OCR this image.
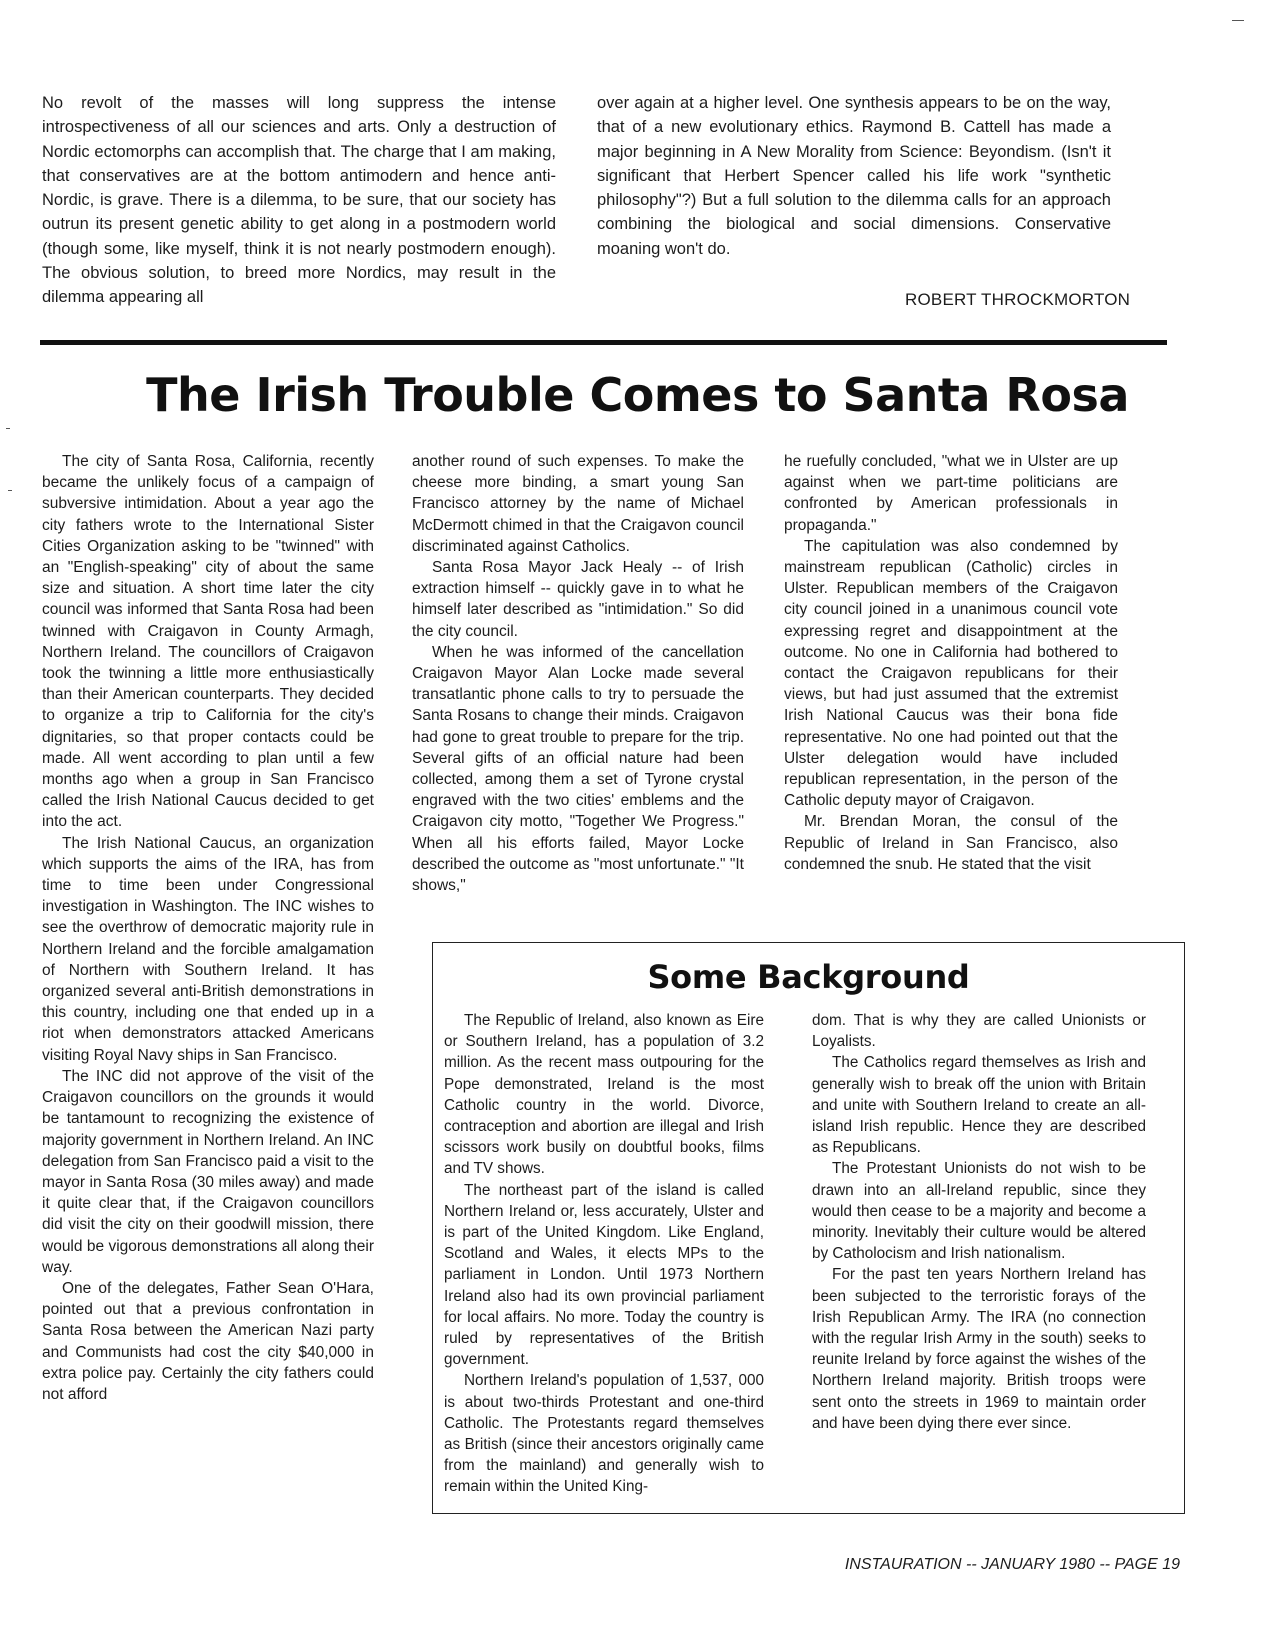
No revolt of the masses will long suppress the intense introspectiveness of all our sciences and arts. Only a destruction of Nordic ectomorphs can accomplish that. The charge that I am making, that conservatives are at the bottom antimodern and hence anti-Nordic, is grave. There is a dilemma, to be sure, that our society has outrun its present genetic ability to get along in a postmodern world (though some, like myself, think it is not nearly postmodern enough). The obvious solution, to breed more Nordics, may result in the dilemma appearing all

over again at a higher level. One synthesis appears to be on the way, that of a new evolutionary ethics. Raymond B. Cattell has made a major beginning in A New Morality from Science: Beyondism. (Isn't it significant that Herbert Spencer called his life work "synthetic philosophy"?) But a full solution to the dilemma calls for an approach combining the biological and social dimensions. Conservative moaning won't do.

ROBERT THROCKMORTON
The Irish Trouble Comes to Santa Rosa

The city of Santa Rosa, California, recently became the unlikely focus of a campaign of subversive intimidation. About a year ago the city fathers wrote to the International Sister Cities Organization asking to be "twinned" with an "English-speaking" city of about the same size and situation. A short time later the city council was informed that Santa Rosa had been twinned with Craigavon in County Armagh, Northern Ireland. The councillors of Craigavon took the twinning a little more enthusiastically than their American counterparts. They decided to organize a trip to California for the city's dignitaries, so that proper contacts could be made. All went according to plan until a few months ago when a group in San Francisco called the Irish National Caucus decided to get into the act.

The Irish National Caucus, an organization which supports the aims of the IRA, has from time to time been under Congressional investigation in Washington. The INC wishes to see the overthrow of democratic majority rule in Northern Ireland and the forcible amalgamation of Northern with Southern Ireland. It has organized several anti-British demonstrations in this country, including one that ended up in a riot when demonstrators attacked Americans visiting Royal Navy ships in San Francisco.

The INC did not approve of the visit of the Craigavon councillors on the grounds it would be tantamount to recognizing the existence of majority government in Northern Ireland. An INC delegation from San Francisco paid a visit to the mayor in Santa Rosa (30 miles away) and made it quite clear that, if the Craigavon councillors did visit the city on their goodwill mission, there would be vigorous demonstrations all along their way.

One of the delegates, Father Sean O'Hara, pointed out that a previous confrontation in Santa Rosa between the American Nazi party and Communists had cost the city $40,000 in extra police pay. Certainly the city fathers could not afford

another round of such expenses. To make the cheese more binding, a smart young San Francisco attorney by the name of Michael McDermott chimed in that the Craigavon council discriminated against Catholics.

Santa Rosa Mayor Jack Healy -- of Irish extraction himself -- quickly gave in to what he himself later described as "intimidation." So did the city council.

When he was informed of the cancellation Craigavon Mayor Alan Locke made several transatlantic phone calls to try to persuade the Santa Rosans to change their minds. Craigavon had gone to great trouble to prepare for the trip. Several gifts of an official nature had been collected, among them a set of Tyrone crystal engraved with the two cities' emblems and the Craigavon city motto, "Together We Progress." When all his efforts failed, Mayor Locke described the outcome as "most unfortunate." "It shows,"

he ruefully concluded, "what we in Ulster are up against when we part-time politicians are confronted by American professionals in propaganda."

The capitulation was also condemned by mainstream republican (Catholic) circles in Ulster. Republican members of the Craigavon city council joined in a unanimous council vote expressing regret and disappointment at the outcome. No one in California had bothered to contact the Craigavon republicans for their views, but had just assumed that the extremist Irish National Caucus was their bona fide representative. No one had pointed out that the Ulster delegation would have included republican representation, in the person of the Catholic deputy mayor of Craigavon.

Mr. Brendan Moran, the consul of the Republic of Ireland in San Francisco, also condemned the snub. He stated that the visit

Some Background

The Republic of Ireland, also known as Eire or Southern Ireland, has a population of 3.2 million. As the recent mass outpouring for the Pope demonstrated, Ireland is the most Catholic country in the world. Divorce, contraception and abortion are illegal and Irish scissors work busily on doubtful books, films and TV shows.

The northeast part of the island is called Northern Ireland or, less accurately, Ulster and is part of the United Kingdom. Like England, Scotland and Wales, it elects MPs to the parliament in London. Until 1973 Northern Ireland also had its own provincial parliament for local affairs. No more. Today the country is ruled by representatives of the British government.

Northern Ireland's population of 1,537, 000 is about two-thirds Protestant and one-third Catholic. The Protestants regard themselves as British (since their ancestors originally came from the mainland) and generally wish to remain within the United King-

dom. That is why they are called Unionists or Loyalists.

The Catholics regard themselves as Irish and generally wish to break off the union with Britain and unite with Southern Ireland to create an all-island Irish republic. Hence they are described as Republicans.

The Protestant Unionists do not wish to be drawn into an all-Ireland republic, since they would then cease to be a majority and become a minority. Inevitably their culture would be altered by Catholocism and Irish nationalism.

For the past ten years Northern Ireland has been subjected to the terroristic forays of the Irish Republican Army. The IRA (no connection with the regular Irish Army in the south) seeks to reunite Ireland by force against the wishes of the Northern Ireland majority. British troops were sent onto the streets in 1969 to maintain order and have been dying there ever since.

INSTAURATION -- JANUARY 1980 -- PAGE 19
